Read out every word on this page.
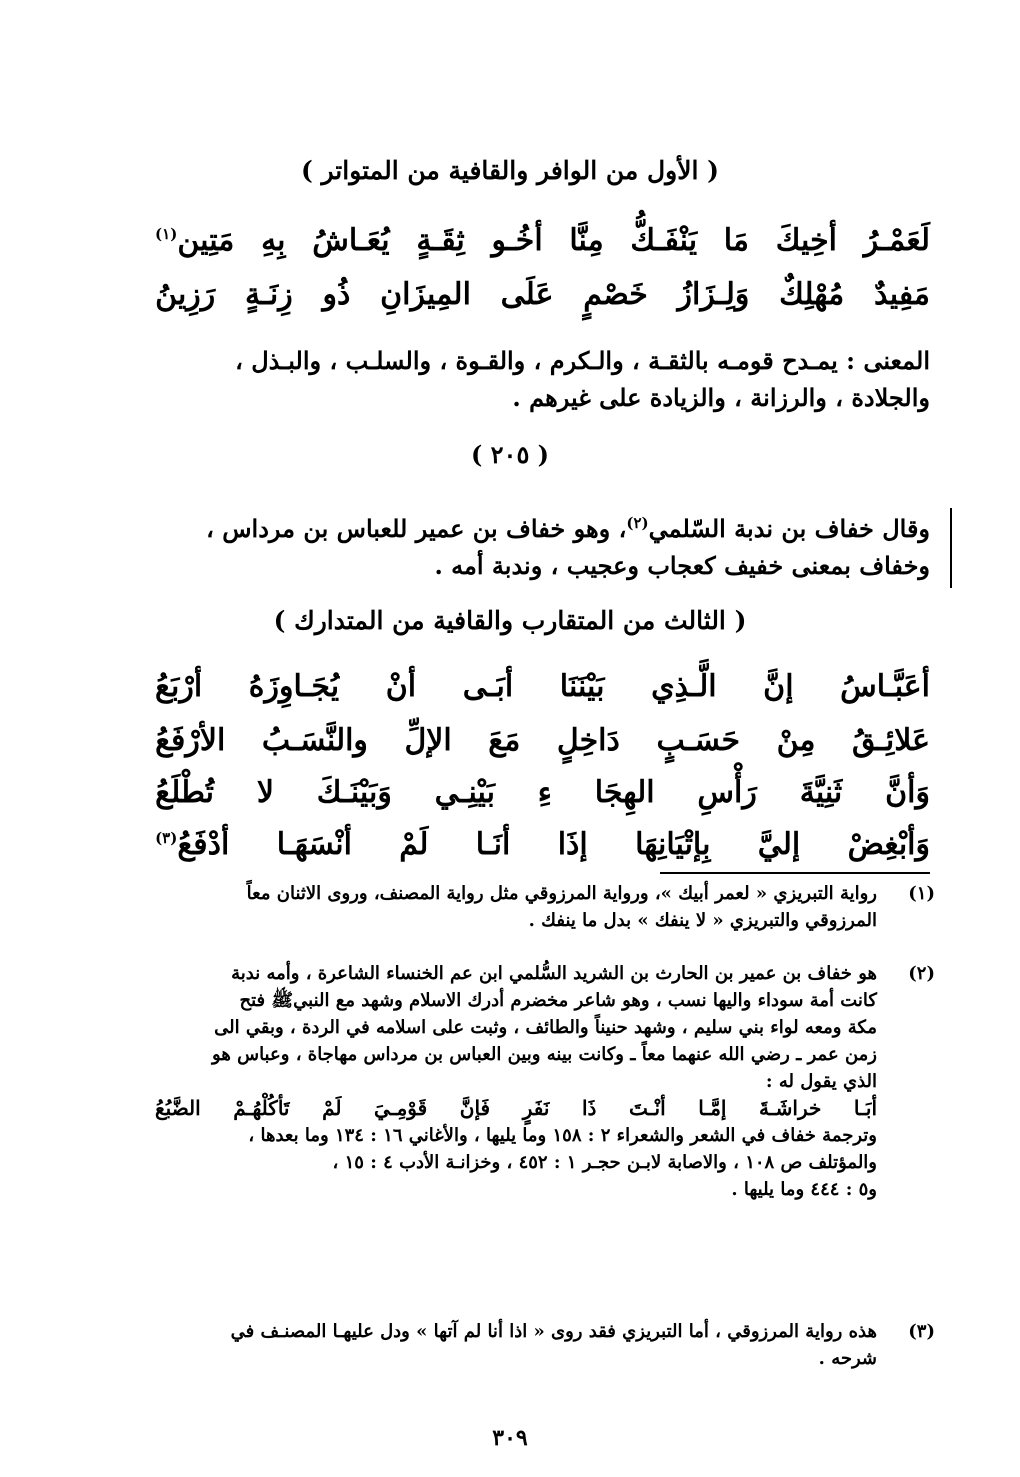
( الأول من الوافر والقافية من المتواتر )
لَعَمْـرُ
أخِيكَ
مَا
يَنْفَـكُّ
مِنَّا
أخُـو
ثِقَـةٍ
يُعَـاشُ
بِهِ
مَتِين(١)
مَفِيدٌ
مُهْلِكٌ
وَلِـزَازُ
خَصْمٍ
عَلَى
المِيزَانِ
ذُو
زِنَـةٍ
رَزِينُ

المعنى : يمـدح قومـه بالثقـة ، والـكرم ، والقـوة ، والسلـب ، والبـذل ،

والجلادة ، والرزانة ، والزيادة على غيرهم .

( ٢٠٥ )

وقال خفاف بن ندبة السّلمي$^{(٢)}$، وهو خفاف بن عمير للعباس بن مرداس ،

وخفاف بمعنى خفيف كعجاب وعجيب ، وندبة أمه .

( الثالث من المتقارب والقافية من المتدارك )
أعَبَّـاسُ
إنَّ
الَّـذِي
بَيْنَنَا
أبَـى
أنْ
يُجَـاوِزَهُ
أرْبَعُ
عَلائِـقُ
مِنْ
حَسَـبٍ
دَاخِلٍ
مَعَ
الإلِّ
والنَّسَـبُ
الأرْفَعُ
وَأنَّ
ثَنِيَّةَ
رَأْسِ
الهِجَا
ءِ
بَيْنِـي
وَبَيْنَـكَ
لا
تُطْلَعُ
وَأبْغِضْ
إليَّ
بِإتْيَانِهَا
إذَا
أنَـا
لَمْ
أنْسَهَـا
أدْفَعُ(٣)
(١)

رواية التبريزي « لعمر أبيك »، ورواية المرزوقي مثل رواية المصنف، وروى الاثنان معاً

المرزوقي والتبريزي « لا ينفك » بدل ما ينفك .

(٢)

هو خفاف بن عمير بن الحارث بن الشريد السُّلمي ابن عم الخنساء الشاعرة ، وأمه ندبة

كانت أمة سوداء واليها نسب ، وهو شاعر مخضرم أدرك الاسلام وشهد مع النبيﷺ فتح

مكة ومعه لواء بني سليم ، وشهد حنيناً والطائف ، وثبت على اسلامه في الردة ، وبقي الى

زمن عمر ـ رضي الله عنهما معاً ـ وكانت بينه وبين العباس بن مرداس مهاجاة ، وعباس هو

الذي يقول له :

أبَـا
خراشَـةَ
إمَّـا
أنْـتَ
ذَا
نَفَرٍ
فَإنَّ
قَوْمِـيَ
لَمْ
تَأكُلْهُـمْ
الضَّبُعُ

وترجمة خفاف في الشعر والشعراء ٢ : ١٥٨ وما يليها ، والأغاني ١٦ : ١٣٤ وما بعدها ،

والمؤتلف ص ١٠٨ ، والاصابة لابـن حجـر ١ : ٤٥٢ ، وخزانـة الأدب ٤ : ١٥ ،

و٥ : ٤٤٤ وما يليها .

(٣)

هذه رواية المرزوقي ، أما التبريزي فقد روى « اذا أنا لم آتها » ودل عليهـا المصنـف في

شرحه .

٣٠٩
